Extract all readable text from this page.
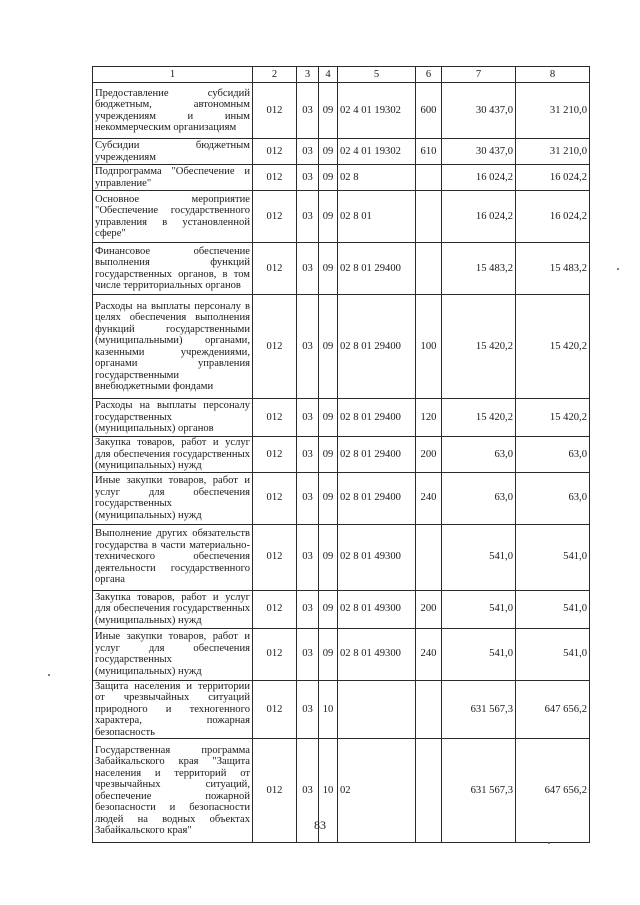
1	2	3	4	5	6	7	8
Предоставление субсидий бюджетным, автономным учреждениям и иным некоммерческим организациям	012	03	09	02 4 01 19302	600	30 437,0	31 210,0
Субсидии бюджетным учреждениям	012	03	09	02 4 01 19302	610	30 437,0	31 210,0
Подпрограмма "Обеспечение и управление"	012	03	09	02 8		16 024,2	16 024,2
Основное мероприятие "Обеспечение государственного управления в установленной сфере"	012	03	09	02 8 01		16 024,2	16 024,2
Финансовое обеспечение выполнения функций государственных органов, в том числе территориальных органов	012	03	09	02 8 01 29400		15 483,2	15 483,2
Расходы на выплаты персоналу в целях обеспечения выполнения функций государственными (муниципальными) органами, казенными учреждениями, органами управления государственными внебюджетными фондами	012	03	09	02 8 01 29400	100	15 420,2	15 420,2
Расходы на выплаты персоналу государственных (муниципальных) органов	012	03	09	02 8 01 29400	120	15 420,2	15 420,2
Закупка товаров, работ и услуг для обеспечения государственных (муниципальных) нужд	012	03	09	02 8 01 29400	200	63,0	63,0
Иные закупки товаров, работ и услуг для обеспечения государственных (муниципальных) нужд	012	03	09	02 8 01 29400	240	63,0	63,0
Выполнение других обязательств государства в части материально-технического обеспечения деятельности государственного органа	012	03	09	02 8 01 49300		541,0	541,0
Закупка товаров, работ и услуг для обеспечения государственных (муниципальных) нужд	012	03	09	02 8 01 49300	200	541,0	541,0
Иные закупки товаров, работ и услуг для обеспечения государственных (муниципальных) нужд	012	03	09	02 8 01 49300	240	541,0	541,0
Защита населения и территории от чрезвычайных ситуаций природного и техногенного характера, пожарная безопасность	012	03	10			631 567,3	647 656,2
Государственная программа Забайкальского края "Защита населения и территорий от чрезвычайных ситуаций, обеспечение пожарной безопасности и безопасности людей на водных объектах Забайкальского края"	012	03	10	02		631 567,3	647 656,2
83
